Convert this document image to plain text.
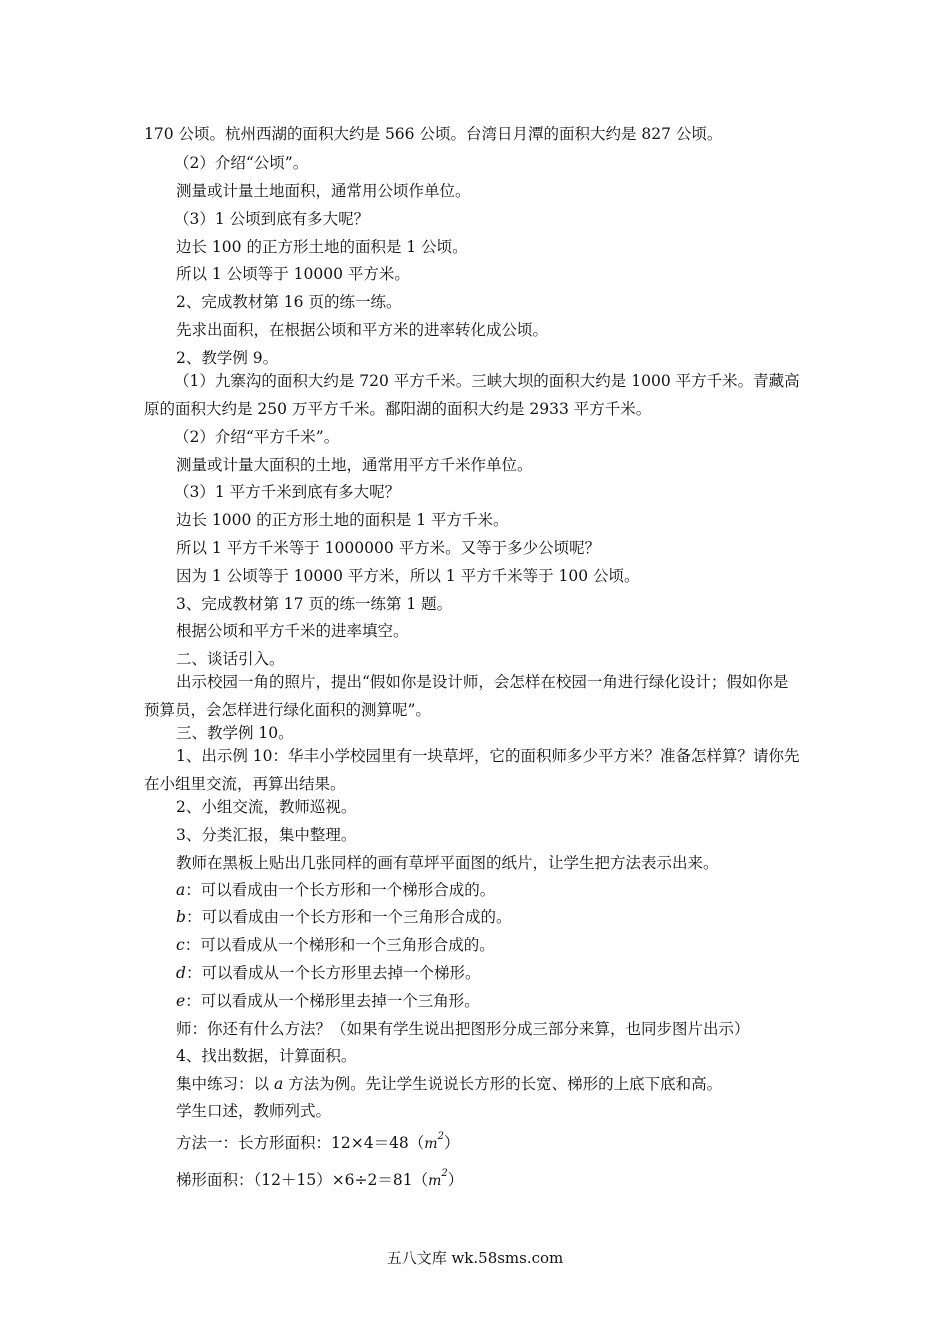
170 公顷。杭州西湖的面积大约是 566 公顷。台湾日月潭的面积大约是 827 公顷。
（2）介绍“公顷”。
测量或计量土地面积，通常用公顷作单位。
（3）1 公顷到底有多大呢？
边长 100 的正方形土地的面积是 1 公顷。
所以 1 公顷等于 10000 平方米。
2、完成教材第 16 页的练一练。
先求出面积，在根据公顷和平方米的进率转化成公顷。
2、教学例 9。
（1）九寨沟的面积大约是 720 平方千米。三峡大坝的面积大约是 1000 平方千米。青藏高原的面积大约是 250 万平方千米。鄱阳湖的面积大约是 2933 平方千米。
（2）介绍“平方千米”。
测量或计量大面积的土地，通常用平方千米作单位。
（3）1 平方千米到底有多大呢？
边长 1000 的正方形土地的面积是 1 平方千米。
所以 1 平方千米等于 1000000 平方米。又等于多少公顷呢？
因为 1 公顷等于 10000 平方米，所以 1 平方千米等于 100 公顷。
3、完成教材第 17 页的练一练第 1 题。
根据公顷和平方千米的进率填空。
二、谈话引入。
出示校园一角的照片，提出“假如你是设计师，会怎样在校园一角进行绿化设计；假如你是预算员，会怎样进行绿化面积的测算呢”。
三、教学例 10。
1、出示例 10：华丰小学校园里有一块草坪，它的面积师多少平方米？准备怎样算？请你先在小组里交流，再算出结果。
2、小组交流，教师巡视。
3、分类汇报，集中整理。
教师在黑板上贴出几张同样的画有草坪平面图的纸片，让学生把方法表示出来。
a：可以看成由一个长方形和一个梯形合成的。
b：可以看成由一个长方形和一个三角形合成的。
c：可以看成从一个梯形和一个三角形合成的。
d：可以看成从一个长方形里去掉一个梯形。
e：可以看成从一个梯形里去掉一个三角形。
师：你还有什么方法？（如果有学生说出把图形分成三部分来算，也同步图片出示）
4、找出数据，计算面积。
集中练习：以 a 方法为例。先让学生说说长方形的长宽、梯形的上底下底和高。
学生口述，教师列式。
方法一：长方形面积：$12\times 4=48(m^2)$
梯形面积：$(12+15)\times 6\div 2=81(m^2)$
五八文库 wk.58sms.com
